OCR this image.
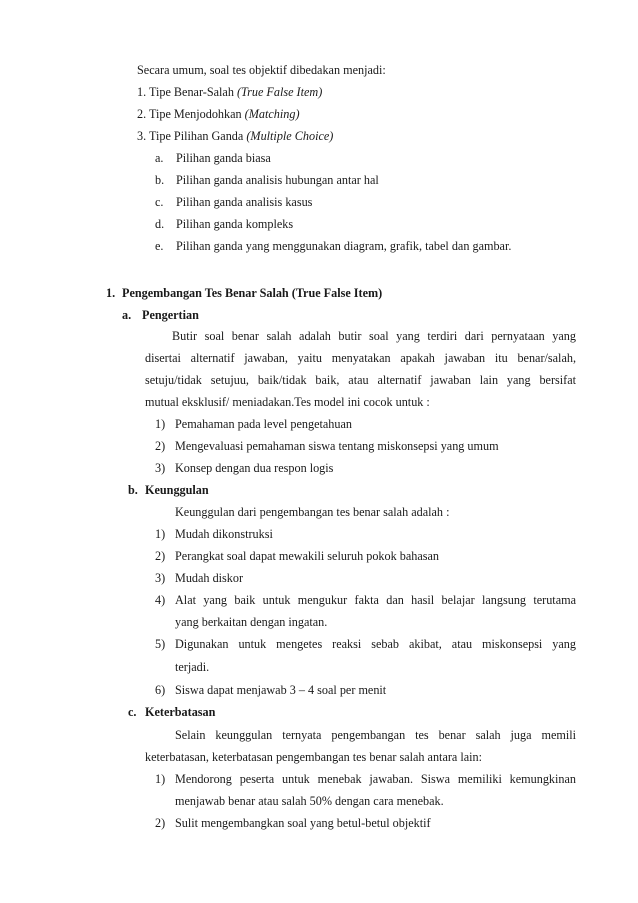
Secara umum, soal tes objektif dibedakan menjadi:
1. Tipe Benar-Salah (True False Item)
2. Tipe Menjodohkan (Matching)
3. Tipe Pilihan Ganda (Multiple Choice)
a. Pilihan ganda biasa
b. Pilihan ganda analisis hubungan antar hal
c. Pilihan ganda analisis kasus
d. Pilihan ganda kompleks
e. Pilihan ganda yang menggunakan diagram, grafik, tabel dan gambar.
1. Pengembangan Tes Benar Salah (True False Item)
a. Pengertian
Butir soal benar salah adalah butir soal yang terdiri dari pernyataan yang
disertai alternatif jawaban, yaitu menyatakan apakah jawaban itu benar/salah,
setuju/tidak setujuu, baik/tidak baik, atau alternatif jawaban lain yang bersifat
mutual eksklusif/ meniadakan.Tes model ini cocok untuk :
1) Pemahaman pada level pengetahuan
2) Mengevaluasi pemahaman siswa tentang miskonsepsi yang umum
3) Konsep dengan dua respon logis
b. Keunggulan
Keunggulan dari pengembangan tes benar salah adalah :
1) Mudah dikonstruksi
2) Perangkat soal dapat mewakili seluruh pokok bahasan
3) Mudah diskor
4) Alat yang baik untuk mengukur fakta dan hasil belajar langsung terutama
yang berkaitan dengan ingatan.
5) Digunakan untuk mengetes reaksi sebab akibat, atau miskonsepsi yang
terjadi.
6) Siswa dapat menjawab 3 – 4 soal per menit
c. Keterbatasan
Selain keunggulan ternyata pengembangan tes benar salah juga memili
keterbatasan, keterbatasan pengembangan tes benar salah antara lain:
1) Mendorong peserta untuk menebak jawaban. Siswa memiliki kemungkinan
menjawab benar atau salah 50% dengan cara menebak.
2) Sulit mengembangkan soal yang betul-betul objektif
